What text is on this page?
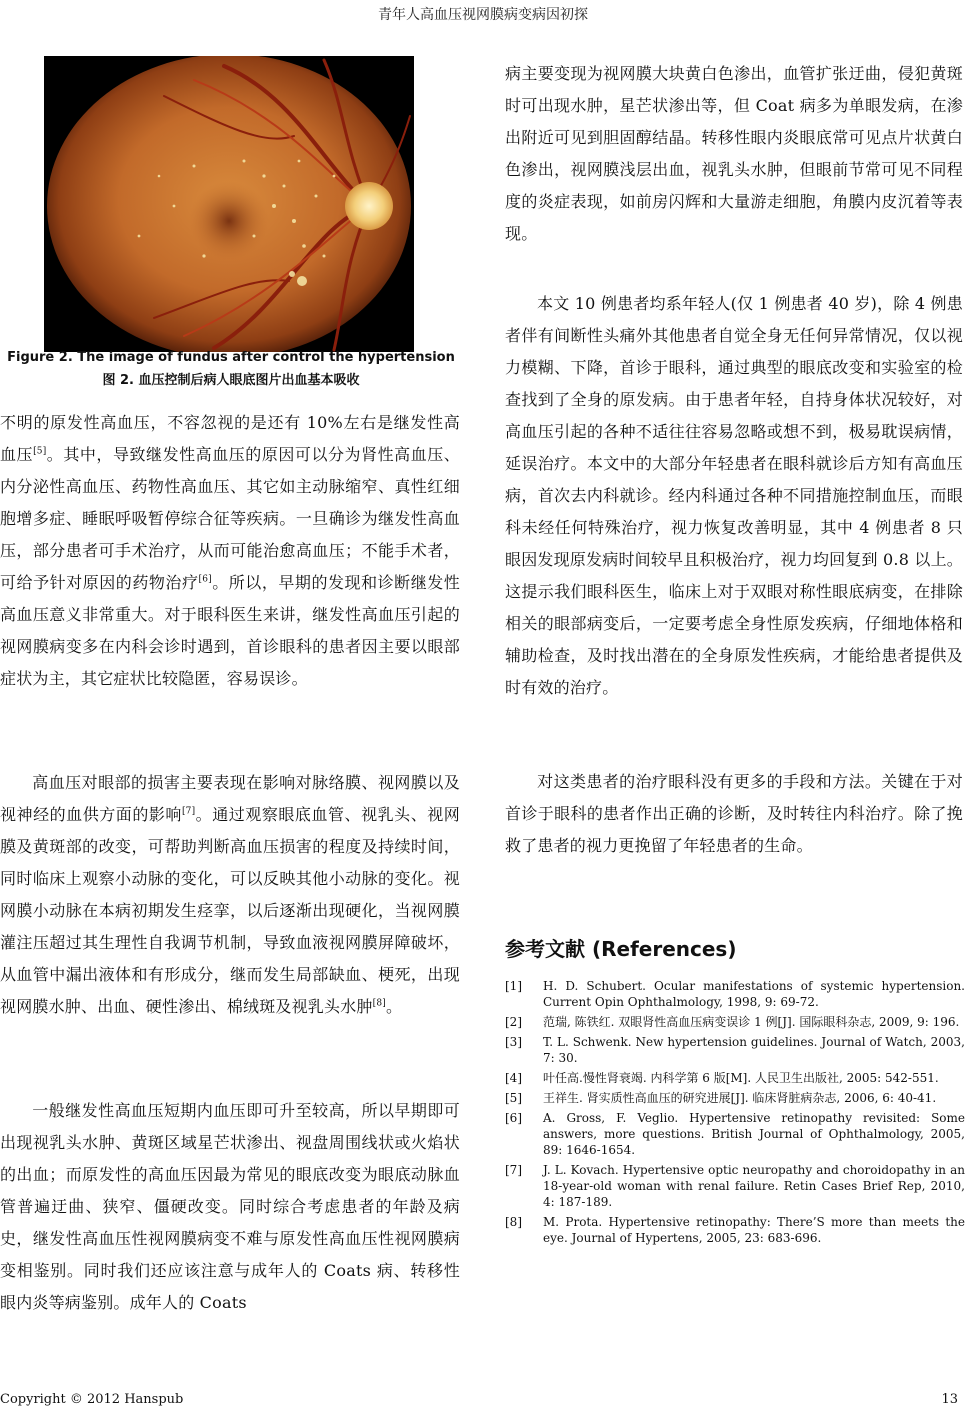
青年人高血压视网膜病变病因初探
Figure 2. The image of fundus after control the hypertension
图 2. 血压控制后病人眼底图片出血基本吸收

不明的原发性高血压，不容忽视的是还有 10%左右是继发性高血压[5]。其中，导致继发性高血压的原因可以分为肾性高血压、内分泌性高血压、药物性高血压、其它如主动脉缩窄、真性红细胞增多症、睡眠呼吸暂停综合征等疾病。一旦确诊为继发性高血压，部分患者可手术治疗，从而可能治愈高血压；不能手术者，可给予针对原因的药物治疗[6]。所以，早期的发现和诊断继发性高血压意义非常重大。对于眼科医生来讲，继发性高血压引起的视网膜病变多在内科会诊时遇到，首诊眼科的患者因主要以眼部症状为主，其它症状比较隐匿，容易误诊。

高血压对眼部的损害主要表现在影响对脉络膜、视网膜以及视神经的血供方面的影响[7]。通过观察眼底血管、视乳头、视网膜及黄斑部的改变，可帮助判断高血压损害的程度及持续时间，同时临床上观察小动脉的变化，可以反映其他小动脉的变化。视网膜小动脉在本病初期发生痉挛，以后逐渐出现硬化，当视网膜灌注压超过其生理性自我调节机制，导致血液视网膜屏障破坏，从血管中漏出液体和有形成分，继而发生局部缺血、梗死，出现视网膜水肿、出血、硬性渗出、棉绒斑及视乳头水肿[8]。

一般继发性高血压短期内血压即可升至较高，所以早期即可出现视乳头水肿、黄斑区域星芒状渗出、视盘周围线状或火焰状的出血；而原发性的高血压因最为常见的眼底改变为眼底动脉血管普遍迂曲、狭窄、僵硬改变。同时综合考虑患者的年龄及病史，继发性高血压性视网膜病变不难与原发性高血压性视网膜病变相鉴别。同时我们还应该注意与成年人的 Coats 病、转移性眼内炎等病鉴别。成年人的 Coats

病主要变现为视网膜大块黄白色渗出，血管扩张迂曲，侵犯黄斑时可出现水肿，星芒状渗出等，但 Coat 病多为单眼发病，在渗出附近可见到胆固醇结晶。转移性眼内炎眼底常可见点片状黄白色渗出，视网膜浅层出血，视乳头水肿，但眼前节常可见不同程度的炎症表现，如前房闪辉和大量游走细胞，角膜内皮沉着等表现。

本文 10 例患者均系年轻人(仅 1 例患者 40 岁)，除 4 例患者伴有间断性头痛外其他患者自觉全身无任何异常情况，仅以视力模糊、下降，首诊于眼科，通过典型的眼底改变和实验室的检查找到了全身的原发病。由于患者年轻，自持身体状况较好，对高血压引起的各种不适往往容易忽略或想不到，极易耽误病情，延误治疗。本文中的大部分年轻患者在眼科就诊后方知有高血压病，首次去内科就诊。经内科通过各种不同措施控制血压，而眼科未经任何特殊治疗，视力恢复改善明显，其中 4 例患者 8 只眼因发现原发病时间较早且积极治疗，视力均回复到 0.8 以上。这提示我们眼科医生，临床上对于双眼对称性眼底病变，在排除相关的眼部病变后，一定要考虑全身性原发疾病，仔细地体格和辅助检查，及时找出潜在的全身原发性疾病，才能给患者提供及时有效的治疗。

对这类患者的治疗眼科没有更多的手段和方法。关键在于对首诊于眼科的患者作出正确的诊断，及时转往内科治疗。除了挽救了患者的视力更挽留了年轻患者的生命。

参考文献 (References)
[1]	H. D. Schubert. Ocular manifestations of systemic hypertension. Current Opin Ophthalmology, 1998, 9: 69-72.
[2]	范瑞, 陈铁红. 双眼肾性高血压病变误诊 1 例[J]. 国际眼科杂志, 2009, 9: 196.
[3]	T. L. Schwenk. New hypertension guidelines. Journal of Watch, 2003, 7: 30.
[4]	叶任高.慢性肾衰竭. 内科学第 6 版[M]. 人民卫生出版社, 2005: 542-551.
[5]	王祥生. 肾实质性高血压的研究进展[J]. 临床肾脏病杂志, 2006, 6: 40-41.
[6]	A. Gross, F. Veglio. Hypertensive retinopathy revisited: Some answers, more questions. British Journal of Ophthalmology, 2005, 89: 1646-1654.
[7]	J. L. Kovach. Hypertensive optic neuropathy and choroidopathy in an 18-year-old woman with renal failure. Retin Cases Brief Rep, 2010, 4: 187-189.
[8]	M. Prota. Hypertensive retinopathy: There’S more than meets the eye. Journal of Hypertens, 2005, 23: 683-696.
Copyright © 2012 Hanspub	13
